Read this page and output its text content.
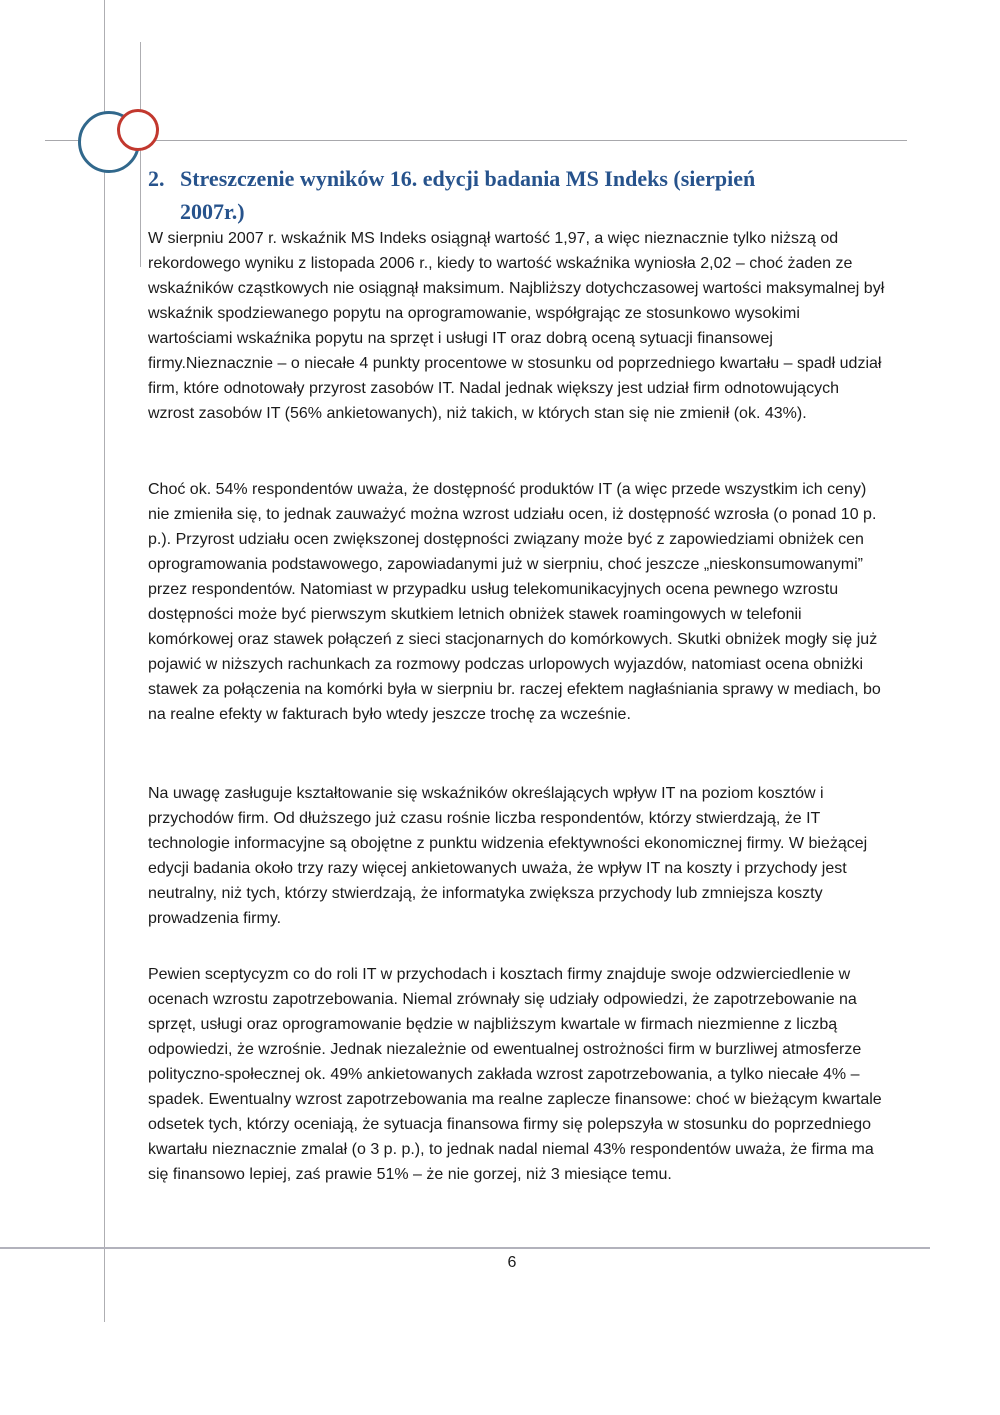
2. Streszczenie wyników 16. edycji badania MS Indeks (sierpień
2007r.)

W sierpniu 2007 r. wskaźnik MS Indeks osiągnął wartość 1,97, a więc nieznacznie tylko niższą od rekordowego wyniku z listopada 2006 r., kiedy to wartość wskaźnika wyniosła 2,02 – choć żaden ze wskaźników cząstkowych nie osiągnął maksimum. Najbliższy dotychczasowej wartości maksymalnej był wskaźnik spodziewanego popytu na oprogramowanie, współgrając ze stosunkowo wysokimi wartościami wskaźnika popytu na sprzęt i usługi IT oraz dobrą oceną sytuacji finansowej firmy.Nieznacznie – o niecałe 4 punkty procentowe w stosunku od poprzedniego kwartału – spadł udział firm, które odnotowały przyrost zasobów IT. Nadal jednak większy jest udział firm odnotowujących wzrost zasobów IT (56% ankietowanych), niż takich, w których stan się nie zmienił (ok. 43%).

Choć ok. 54% respondentów uważa, że dostępność produktów IT (a więc przede wszystkim ich ceny) nie zmieniła się, to jednak zauważyć można wzrost udziału ocen, iż dostępność wzrosła (o ponad 10 p. p.). Przyrost udziału ocen zwiększonej dostępności związany może być z zapowiedziami obniżek cen oprogramowania podstawowego, zapowiadanymi już w sierpniu, choć jeszcze „nieskonsumowanymi” przez respondentów. Natomiast w przypadku usług telekomunikacyjnych ocena pewnego wzrostu dostępności może być pierwszym skutkiem letnich obniżek stawek roamingowych w telefonii komórkowej oraz stawek połączeń z sieci stacjonarnych do komórkowych. Skutki obniżek mogły się już pojawić w niższych rachunkach za rozmowy podczas urlopowych wyjazdów, natomiast ocena obniżki stawek za połączenia na komórki była w sierpniu br. raczej efektem nagłaśniania sprawy w mediach, bo na realne efekty w fakturach było wtedy jeszcze trochę za wcześnie.

Na uwagę zasługuje kształtowanie się wskaźników określających wpływ IT na poziom kosztów i przychodów firm. Od dłuższego już czasu rośnie liczba respondentów, którzy stwierdzają, że IT technologie informacyjne są obojętne z punktu widzenia efektywności ekonomicznej firmy. W bieżącej edycji badania około trzy razy więcej ankietowanych uważa, że wpływ IT na koszty i przychody jest neutralny, niż tych, którzy stwierdzają, że informatyka zwiększa przychody lub zmniejsza koszty prowadzenia firmy.

Pewien sceptycyzm co do roli IT w przychodach i kosztach firmy znajduje swoje odzwierciedlenie w ocenach wzrostu zapotrzebowania. Niemal zrównały się udziały odpowiedzi, że zapotrzebowanie na sprzęt, usługi oraz oprogramowanie będzie w najbliższym kwartale w firmach niezmienne z liczbą odpowiedzi, że wzrośnie. Jednak niezależnie od ewentualnej ostrożności firm w burzliwej atmosferze polityczno-społecznej ok. 49% ankietowanych zakłada wzrost zapotrzebowania, a tylko niecałe 4% – spadek. Ewentualny wzrost zapotrzebowania ma realne zaplecze finansowe: choć w bieżącym kwartale odsetek tych, którzy oceniają, że sytuacja finansowa firmy się polepszyła w stosunku do poprzedniego kwartału nieznacznie zmalał (o 3 p. p.), to jednak nadal niemal 43% respondentów uważa, że firma ma się finansowo lepiej, zaś prawie 51% – że nie gorzej, niż 3 miesiące temu.

6
